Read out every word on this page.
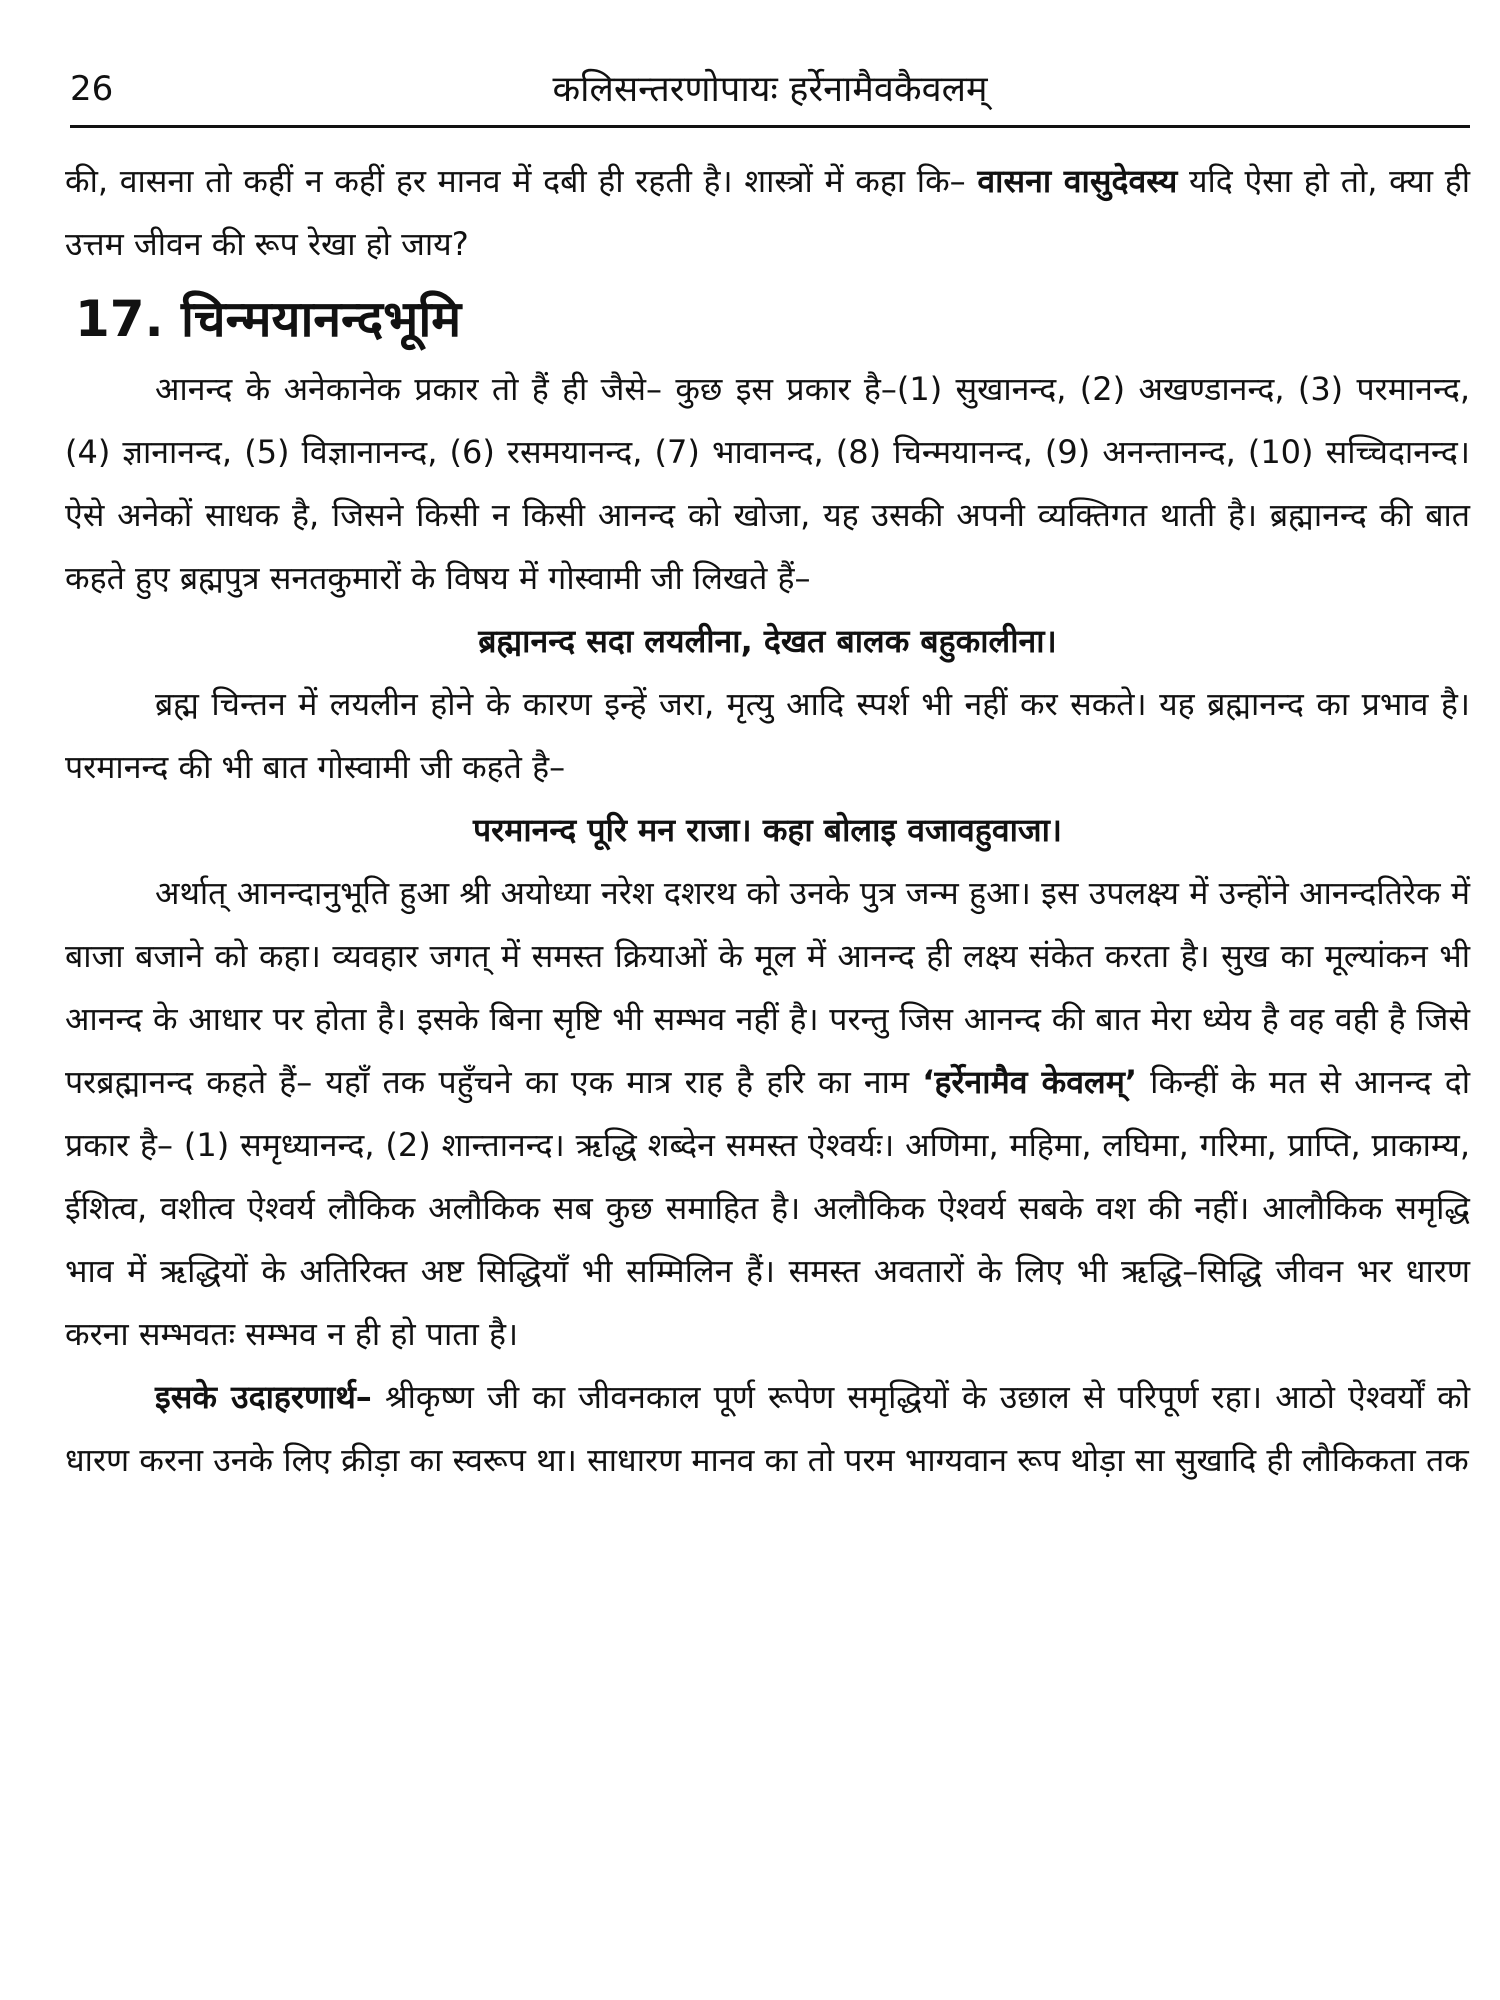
26	कलिसन्तरणोपायः हर्रेनामैवकैवलम्

की, वासना तो कहीं न कहीं हर मानव में दबी ही रहती है। शास्त्रों में कहा कि– वासना वासुदेवस्य यदि ऐसा हो तो, क्या ही उत्तम जीवन की रूप रेखा हो जाय?

17. चिन्मयानन्दभूमि

आनन्द के अनेकानेक प्रकार तो हैं ही जैसे– कुछ इस प्रकार है–(1) सुखानन्द, (2) अखण्डानन्द, (3) परमानन्द, (4) ज्ञानानन्द, (5) विज्ञानानन्द, (6) रसमयानन्द, (7) भावानन्द, (8) चिन्मयानन्द, (9) अनन्तानन्द, (10) सच्चिदानन्द। ऐसे अनेकों साधक है, जिसने किसी न किसी आनन्द को खोजा, यह उसकी अपनी व्यक्तिगत थाती है। ब्रह्मानन्द की बात कहते हुए ब्रह्मपुत्र सनतकुमारों के विषय में गोस्वामी जी लिखते हैं–

ब्रह्मानन्द सदा लयलीना, देखत बालक बहुकालीना।

ब्रह्म चिन्तन में लयलीन होने के कारण इन्हें जरा, मृत्यु आदि स्पर्श भी नहीं कर सकते। यह ब्रह्मानन्द का प्रभाव है। परमानन्द की भी बात गोस्वामी जी कहते है–

परमानन्द पूरि मन राजा। कहा बोलाइ वजावहुवाजा।

अर्थात् आनन्दानुभूति हुआ श्री अयोध्या नरेश दशरथ को उनके पुत्र जन्म हुआ। इस उपलक्ष्य में उन्होंने आनन्दतिरेक में बाजा बजाने को कहा। व्यवहार जगत् में समस्त क्रियाओं के मूल में आनन्द ही लक्ष्य संकेत करता है। सुख का मूल्यांकन भी आनन्द के आधार पर होता है। इसके बिना सृष्टि भी सम्भव नहीं है। परन्तु जिस आनन्द की बात मेरा ध्येय है वह वही है जिसे परब्रह्मानन्द कहते हैं– यहाँ तक पहुँचने का एक मात्र राह है हरि का नाम ‘हर्रेनामैव केवलम्’ किन्हीं के मत से आनन्द दो प्रकार है– (1) समृध्यानन्द, (2) शान्तानन्द। ऋद्धि शब्देन समस्त ऐश्वर्यः। अणिमा, महिमा, लघिमा, गरिमा, प्राप्ति, प्राकाम्य, ईशित्व, वशीत्व ऐश्वर्य लौकिक अलौकिक सब कुछ समाहित है। अलौकिक ऐश्वर्य सबके वश की नहीं। आलौकिक समृद्धि भाव में ऋद्धियों के अतिरिक्त अष्ट सिद्धियाँ भी सम्मिलिन हैं। समस्त अवतारों के लिए भी ऋद्धि–सिद्धि जीवन भर धारण करना सम्भवतः सम्भव न ही हो पाता है।

इसके उदाहरणार्थ– श्रीकृष्ण जी का जीवनकाल पूर्ण रूपेण समृद्धियों के उछाल से परिपूर्ण रहा। आठो ऐश्वर्यों को धारण करना उनके लिए क्रीड़ा का स्वरूप था। साधारण मानव का तो परम भाग्यवान रूप थोड़ा सा सुखादि ही लौकिकता तक
